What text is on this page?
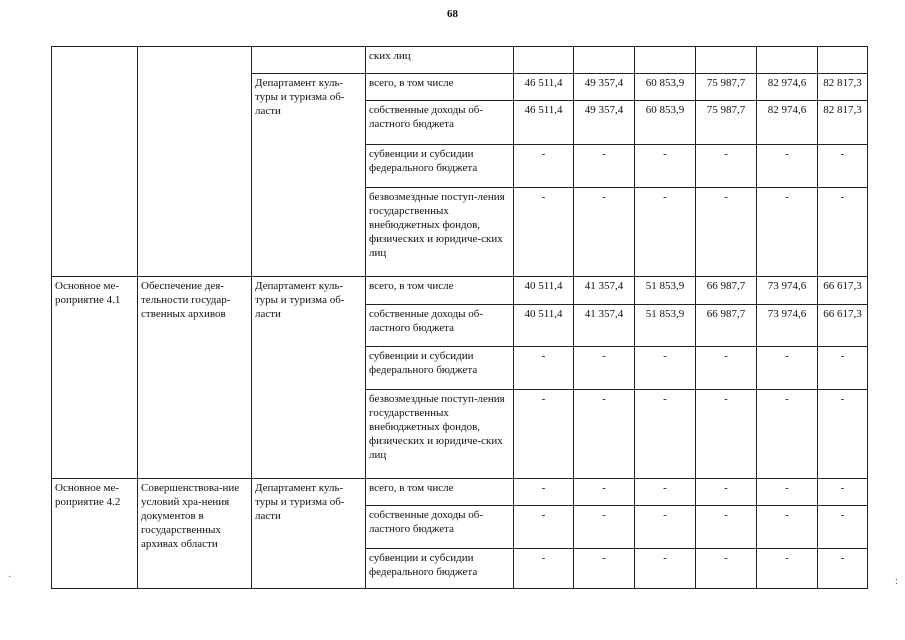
68
			ских лиц						
		Департамент куль-туры и туризма об-ласти	всего, в том числе	46 511,4	49 357,4	60 853,9	75 987,7	82 974,6	82 817,3
			собственные доходы об-ластного бюджета	46 511,4	49 357,4	60 853,9	75 987,7	82 974,6	82 817,3
			субвенции и субсидии федерального бюджета	-	-	-	-	-	-
			безвозмездные поступ-ления государственных внебюджетных фондов, физических и юридиче-ских лиц	-	-	-	-	-	-
Основное ме-роприятие 4.1	Обеспечение дея-тельности государ-ственных архивов	Департамент куль-туры и туризма об-ласти	всего, в том числе	40 511,4	41 357,4	51 853,9	66 987,7	73 974,6	66 617,3
			собственные доходы об-ластного бюджета	40 511,4	41 357,4	51 853,9	66 987,7	73 974,6	66 617,3
			субвенции и субсидии федерального бюджета	-	-	-	-	-	-
			безвозмездные поступ-ления государственных внебюджетных фондов, физических и юридиче-ских лиц	-	-	-	-	-	-
Основное ме-роприятие 4.2	Совершенствова-ние условий хра-нения документов в государственных архивах области	Департамент куль-туры и туризма об-ласти	всего, в том числе	-	-	-	-	-	-
			собственные доходы об-ластного бюджета	-	-	-	-	-	-
			субвенции и субсидии федерального бюджета	-	-	-	-	-	-
·	:
